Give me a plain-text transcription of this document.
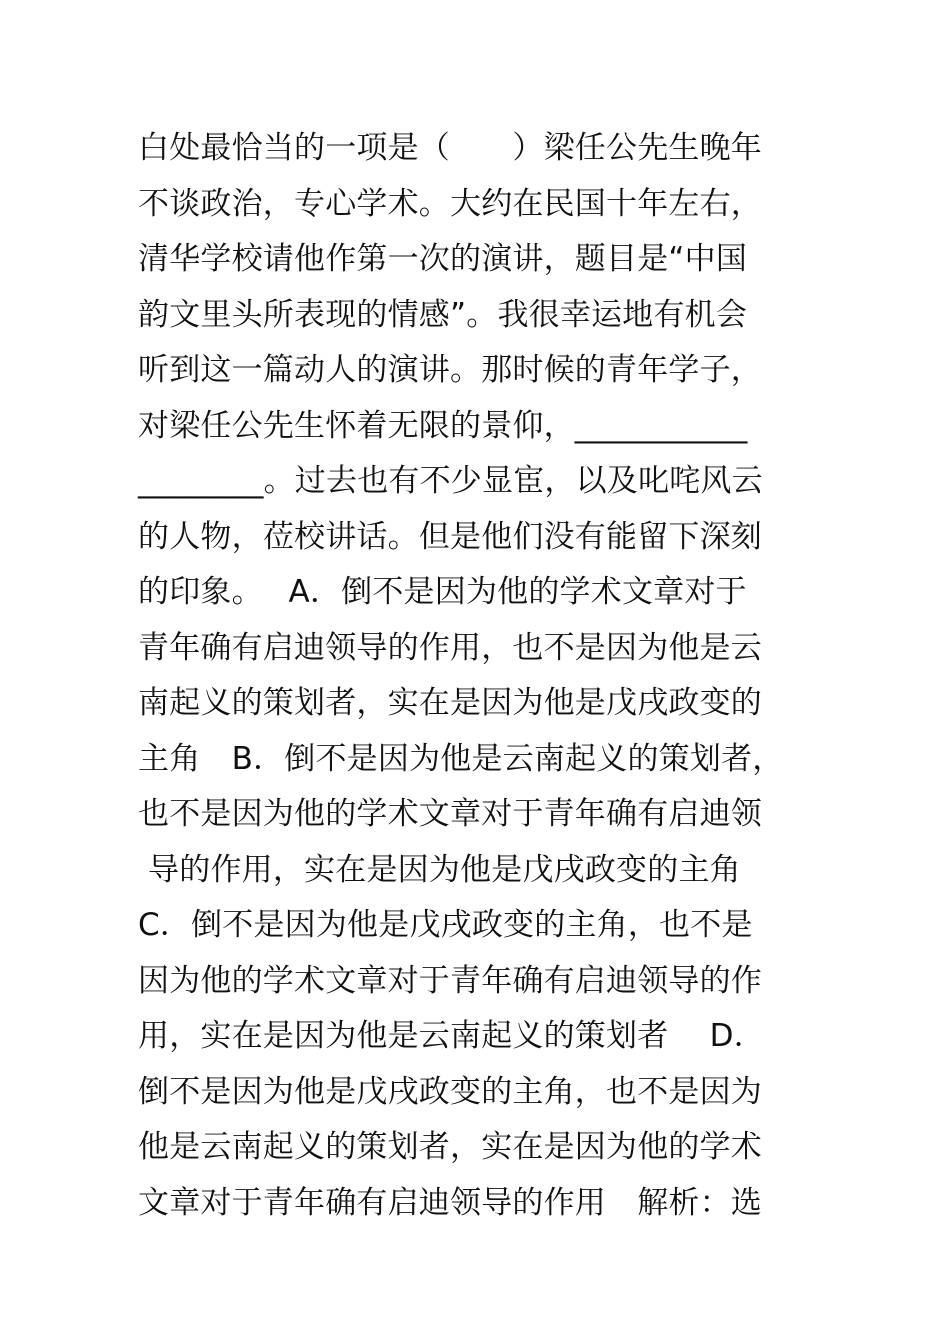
白处最恰当的一项是（　　）梁任公先生晚年
不谈政治，专心学术。大约在民国十年左右，
清华学校请他作第一次的演讲，题目是“中国
韵文里头所表现的情感”。我很幸运地有机会
听到这一篇动人的演讲。那时候的青年学子，
对梁任公先生怀着无限的景仰，___________
________。过去也有不少显宦，以及叱咤风云
的人物，莅校讲话。但是他们没有能留下深刻
的印象。　 A．倒不是因为他的学术文章对于
青年确有启迪领导的作用，也不是因为他是云
南起义的策划者，实在是因为他是戊戌政变的
主角　B．倒不是因为他是云南起义的策划者，
也不是因为他的学术文章对于青年确有启迪领
导的作用，实在是因为他是戊戌政变的主角
C．倒不是因为他是戊戌政变的主角，也不是
因为他的学术文章对于青年确有启迪领导的作
用，实在是因为他是云南起义的策划者　 D．
倒不是因为他是戊戌政变的主角，也不是因为
他是云南起义的策划者，实在是因为他的学术
文章对于青年确有启迪领导的作用　解析：选
